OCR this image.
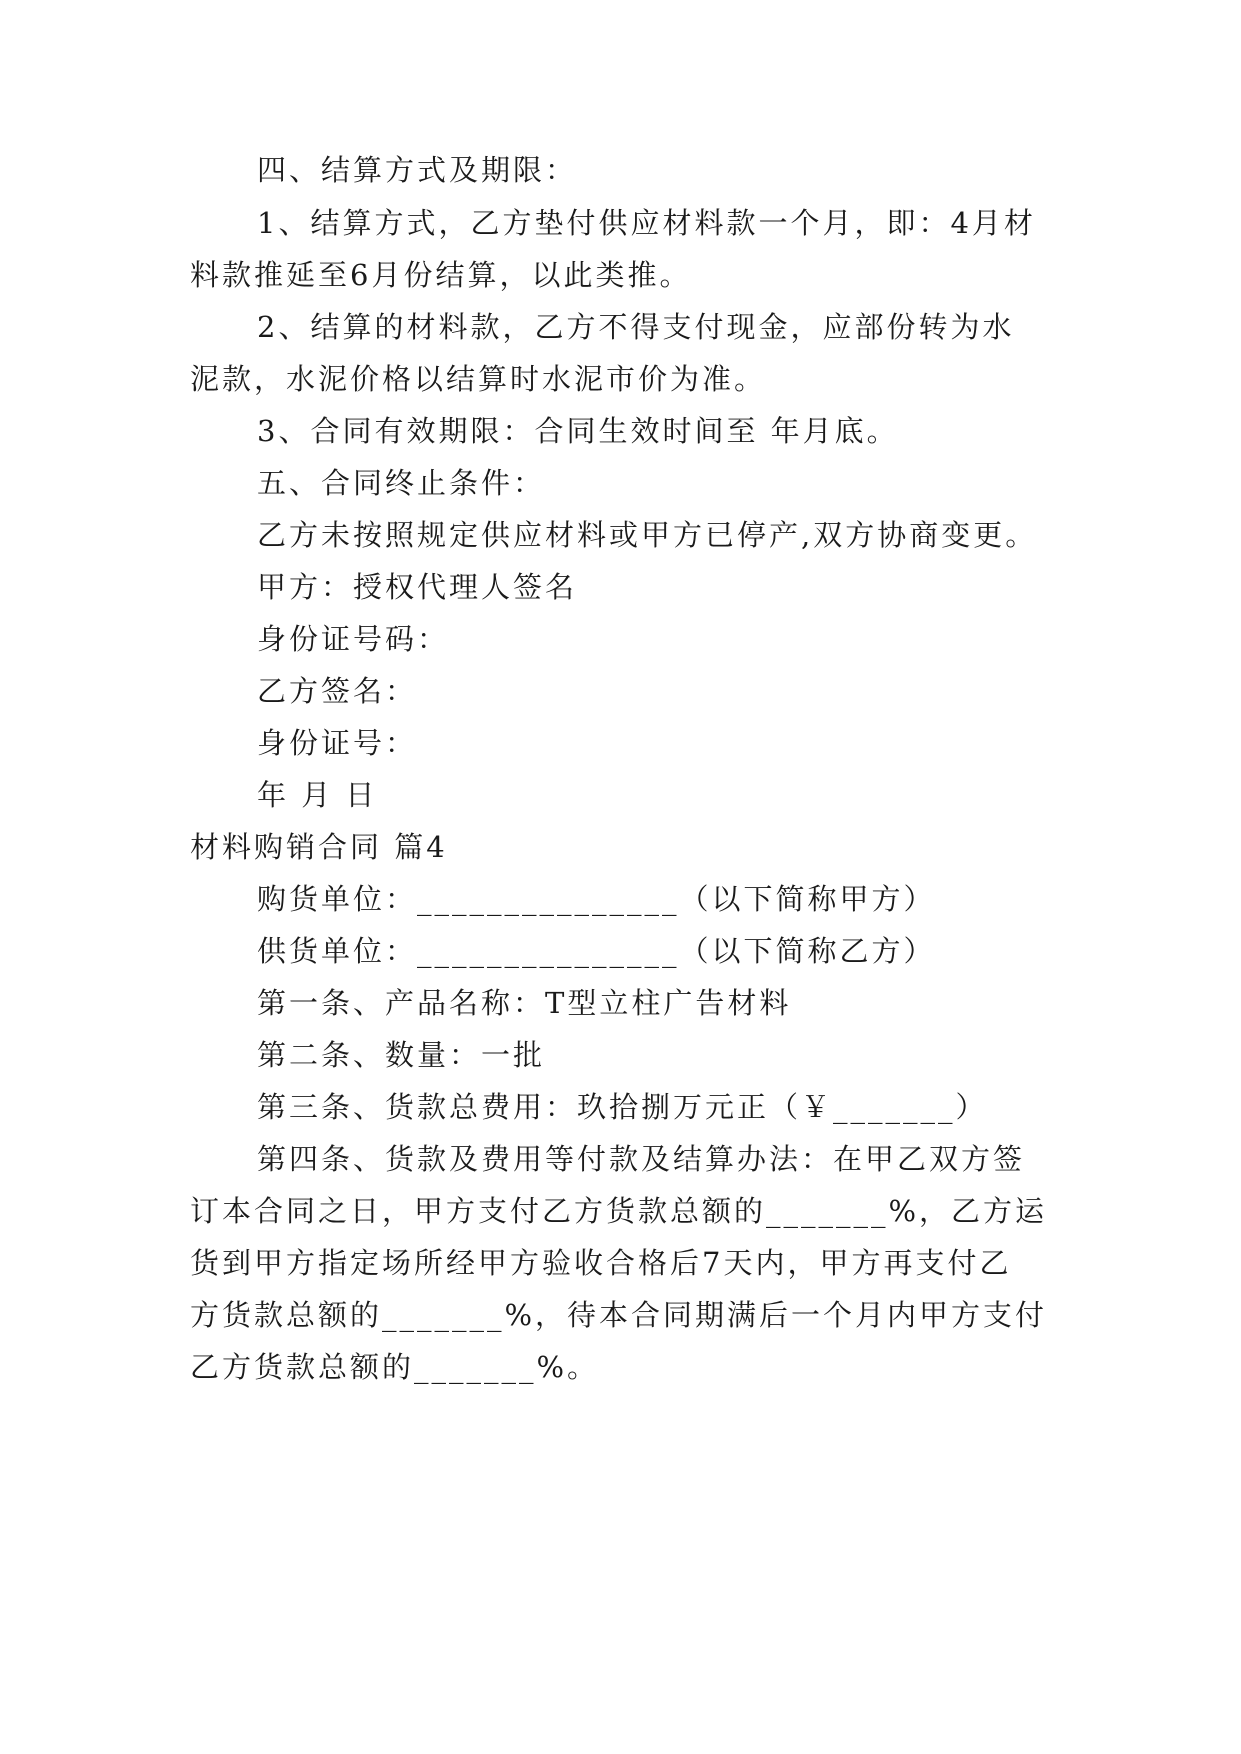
四、结算方式及期限：
1、结算方式，乙方垫付供应材料款一个月，即：4月材
料款推延至6月份结算，以此类推。
2、结算的材料款，乙方不得支付现金，应部份转为水
泥款，水泥价格以结算时水泥市价为准。
3、合同有效期限：合同生效时间至 年月底。
五、合同终止条件：
乙方未按照规定供应材料或甲方已停产,双方协商变更。
甲方：授权代理人签名
身份证号码：
乙方签名：
身份证号：
年 月 日
材料购销合同 篇4
购货单位：_______________（以下简称甲方）
供货单位：_______________（以下简称乙方）
第一条、产品名称：T型立柱广告材料
第二条、数量：一批
第三条、货款总费用：玖拾捌万元正（￥_______）
第四条、货款及费用等付款及结算办法：在甲乙双方签
订本合同之日，甲方支付乙方货款总额的_______%，乙方运
货到甲方指定场所经甲方验收合格后7天内，甲方再支付乙
方货款总额的_______%，待本合同期满后一个月内甲方支付
乙方货款总额的_______%。
